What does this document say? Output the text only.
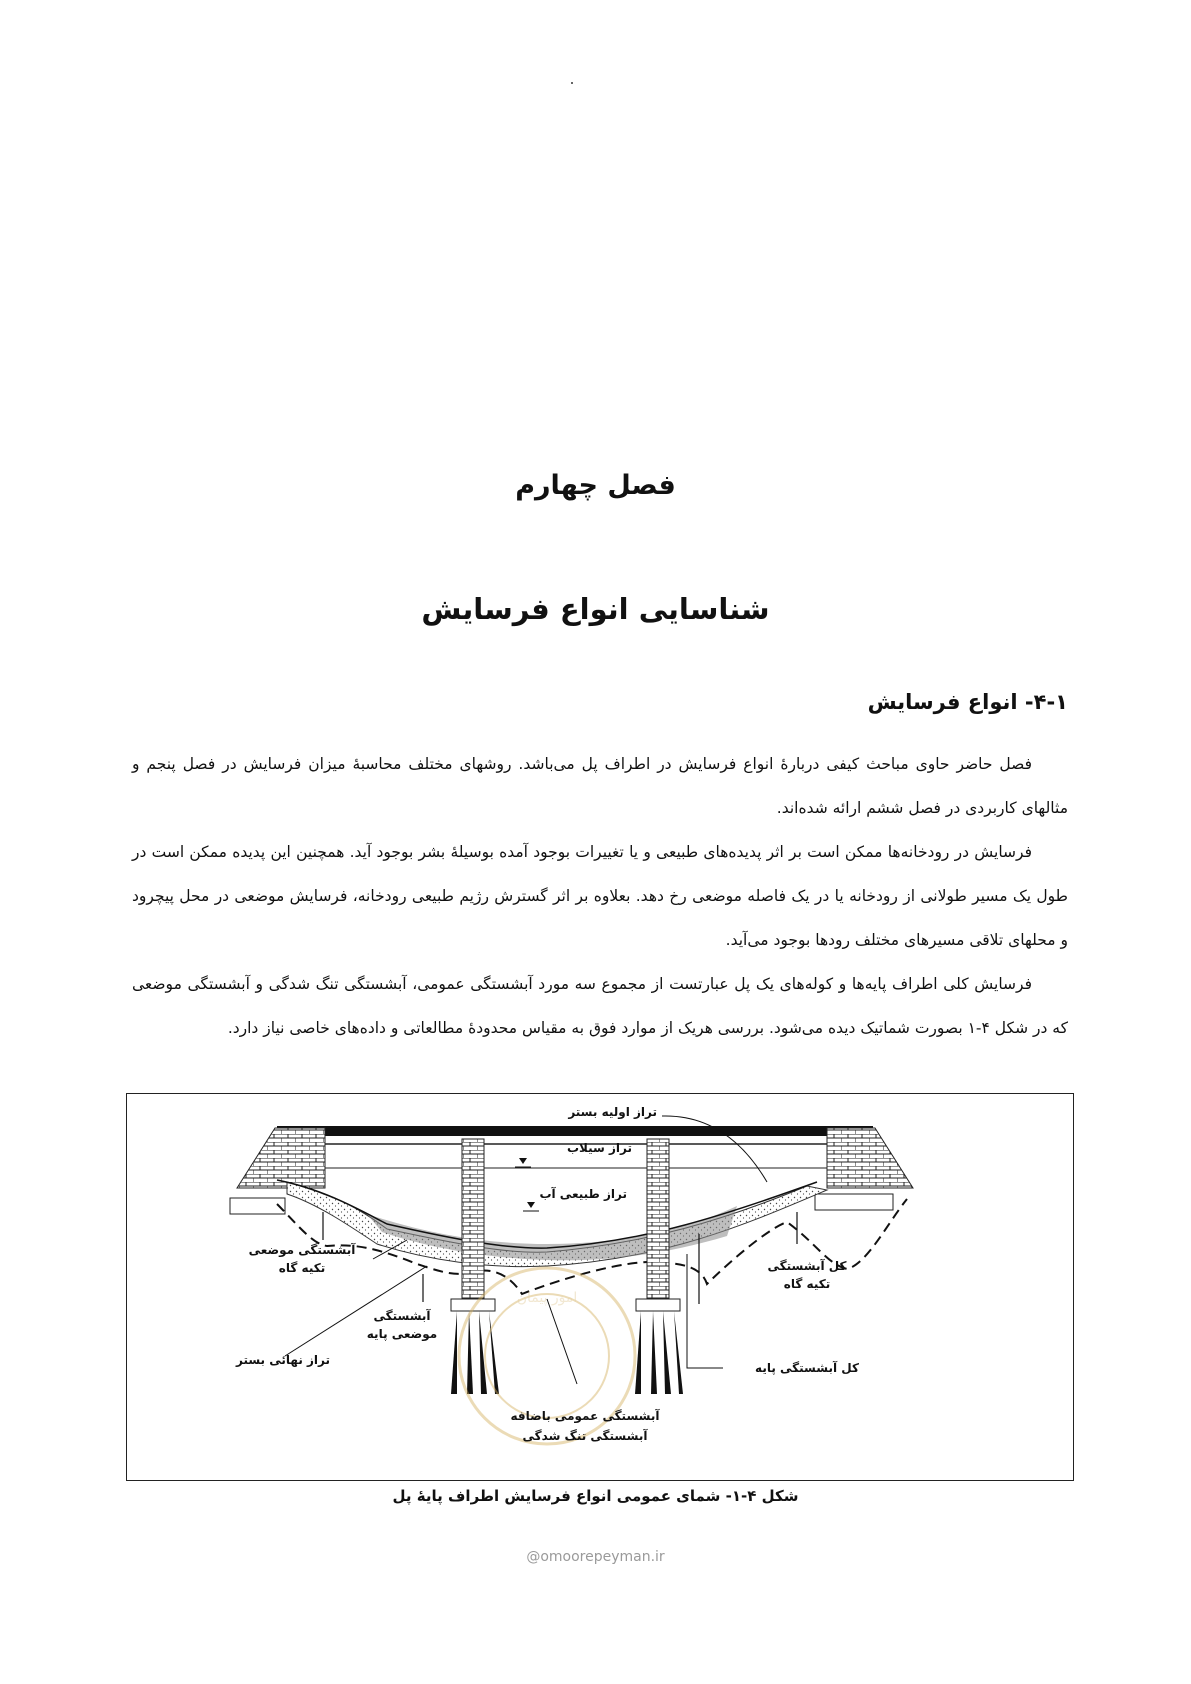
فصل چهارم
شناسایی انواع فرسایش
۴-۱- انواع فرسایش

فصل حاضر حاوی مباحث کیفی دربارهٔ انواع فرسایش در اطراف پل می‌باشد. روشهای مختلف محاسبهٔ میزان فرسایش در فصل پنجم و مثالهای کاربردی در فصل ششم ارائه شده‌اند.

فرسایش در رودخانه‌ها ممکن است بر اثر پدیده‌های طبیعی و یا تغییرات بوجود آمده بوسیلهٔ بشر بوجود آید. همچنین این پدیده ممکن است در طول یک مسیر طولانی از رودخانه یا در یک فاصله موضعی رخ دهد. بعلاوه بر اثر گسترش رژیم طبیعی رودخانه، فرسایش موضعی در محل پیچرود و محلهای تلاقی مسیرهای مختلف رودها بوجود می‌آید.

فرسایش کلی اطراف پایه‌ها و کوله‌های یک پل عبارتست از مجموع سه مورد آبشستگی عمومی، آبشستگی تنگ شدگی و آبشستگی موضعی که در شکل ۴-۱ بصورت شماتیک دیده می‌شود. بررسی هریک از موارد فوق به مقیاس محدودهٔ مطالعاتی و داده‌های خاصی نیاز دارد.

امور پیمان
تراز اولیه بستر
تراز سیلاب
تراز طبیعی آب
آبشستگی موضعی
تکیه گاه	کل آبشستگی
تکیه گاه
آبشستگی
موضعی پایه
تراز نهائی بستر
کل آبشستگی پایه
آبشستگی عمومی باضافه
آبشستگی تنگ شدگی
شکل ۴-۱- شمای عمومی انواع فرسایش اطراف پایهٔ پل
@omoorepeyman.ir
